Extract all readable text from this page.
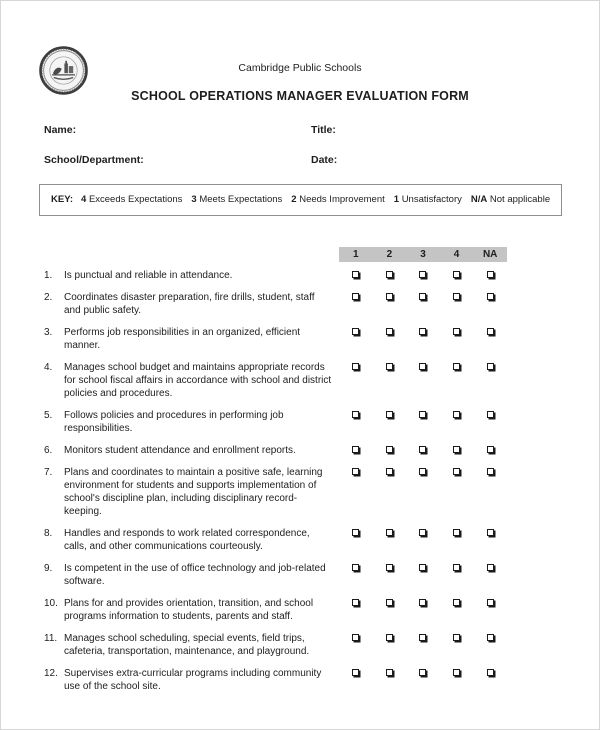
Cambridge Public Schools
SCHOOL OPERATIONS MANAGER EVALUATION FORM
Name:	Title:
School/Department:	Date:
KEY: 4 Exceeds Expectations 3 Meets Expectations 2 Needs Improvement 1 Unsatisfactory N/A Not applicable
1	2	3	4	NA
1.	Is punctual and reliable in attendance.
2.	Coordinates disaster preparation, fire drills, student, staff and public safety.
3.	Performs job responsibilities in an organized, efficient manner.
4.	Manages school budget and maintains appropriate records for school fiscal affairs in accordance with school and district policies and procedures.
5.	Follows policies and procedures in performing job responsibilities.
6.	Monitors student attendance and enrollment reports.
7.	Plans and coordinates to maintain a positive safe, learning environment for students and supports implementation of school's discipline plan, including disciplinary record-keeping.
8.	Handles and responds to work related correspondence, calls, and other communications courteously.
9.	Is competent in the use of office technology and job-related software.
10. Plans for and provides orientation, transition, and school programs information to students, parents and staff.
11. Manages school scheduling, special events, field trips, cafeteria, transportation, maintenance, and playground.
12. Supervises extra-curricular programs including community use of the school site.
